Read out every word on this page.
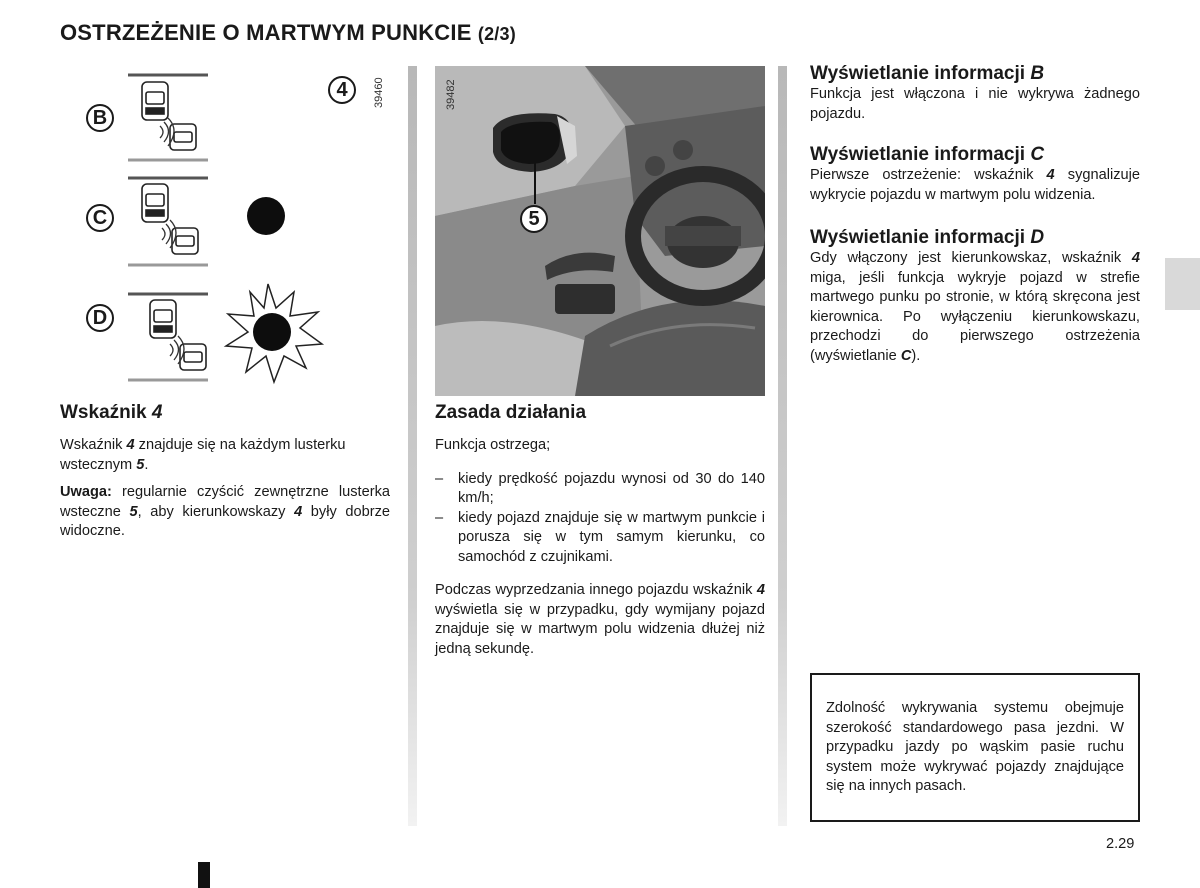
OSTRZEŻENIE O MARTWYM PUNKCIE (2/3)
B
C
D
4	39460
Wskaźnik 4

Wskaźnik 4 znajduje się na każdym lusterku wstecznym 5.

Uwaga: regularnie czyścić zewnętrzne lusterka wsteczne 5, aby kierunkowskazy 4 były dobrze widoczne.

5
39482
Zasada działania

Funkcja ostrzega;

–	kiedy prędkość pojazdu wynosi od 30 do 140 km/h;
–	kiedy pojazd znajduje się w martwym punkcie i porusza się w tym samym kierunku, co samochód z czujnikami.

Podczas wyprzedzania innego pojazdu wskaźnik 4 wyświetla się w przypadku, gdy wymijany pojazd znajduje się w martwym polu widzenia dłużej niż jedną sekundę.

Wyświetlanie informacji B

Funkcja jest włączona i nie wykrywa żadnego pojazdu.

Wyświetlanie informacji C

Pierwsze ostrzeżenie: wskaźnik 4 sygnalizuje wykrycie pojazdu w martwym polu widzenia.

Wyświetlanie informacji D

Gdy włączony jest kierunkowskaz, wskaźnik 4 miga, jeśli funkcja wykryje pojazd w strefie martwego punku po stronie, w którą skręcona jest kierownica. Po wyłączeniu kierunkowskazu, przechodzi do pierwszego ostrzeżenia (wyświetlanie C).

Zdolność wykrywania systemu obejmuje szerokość standardowego pasa jezdni. W przypadku jazdy po wąskim pasie ruchu system może wykrywać pojazdy znajdujące się na innych pasach.
2.29
